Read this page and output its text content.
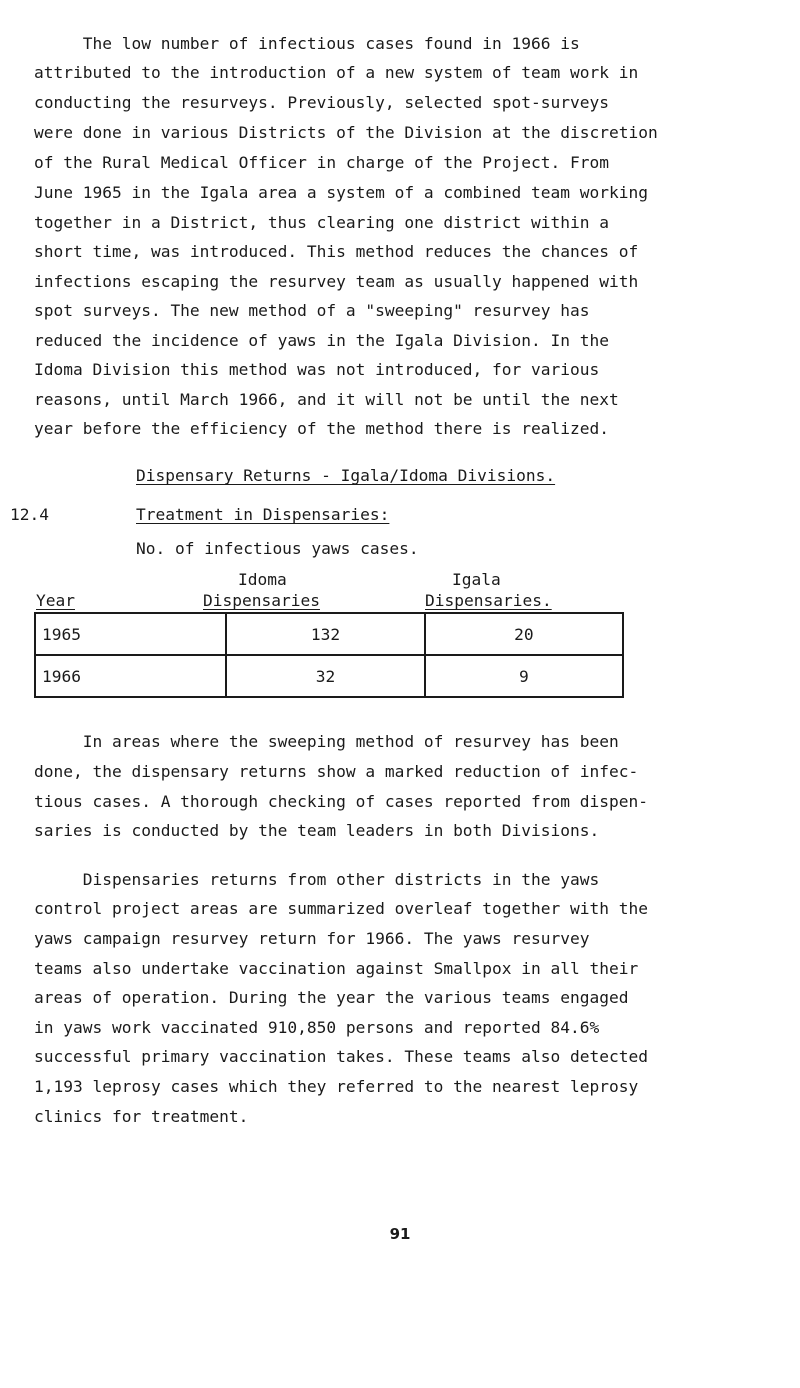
The low number of infectious cases found in 1966 is
attributed to the introduction of a new system of team work in
conducting the resurveys. Previously, selected spot-surveys
were done in various Districts of the Division at the discretion
of the Rural Medical Officer in charge of the Project. From
June 1965 in the Igala area a system of a combined team working
together in a District, thus clearing one district within a
short time, was introduced. This method reduces the chances of
infections escaping the resurvey team as usually happened with
spot surveys. The new method of a "sweeping" resurvey has
reduced the incidence of yaws in the Igala Division. In the
Idoma Division this method was not introduced, for various
reasons, until March 1966, and it will not be until the next
year before the efficiency of the method there is realized.
Dispensary Returns - Igala/Idoma Divisions.
12.4	Treatment in Dispensaries:
No. of infectious yaws cases.
Idoma	Igala
Year	Dispensaries	Dispensaries.
1965	132	20
1966	32	9
In areas where the sweeping method of resurvey has been
done, the dispensary returns show a marked reduction of infec-
tious cases. A thorough checking of cases reported from dispen-
saries is conducted by the team leaders in both Divisions.
Dispensaries returns from other districts in the yaws
control project areas are summarized overleaf together with the
yaws campaign resurvey return for 1966. The yaws resurvey
teams also undertake vaccination against Smallpox in all their
areas of operation. During the year the various teams engaged
in yaws work vaccinated 910,850 persons and reported 84.6%
successful primary vaccination takes. These teams also detected
1,193 leprosy cases which they referred to the nearest leprosy
clinics for treatment.
91
